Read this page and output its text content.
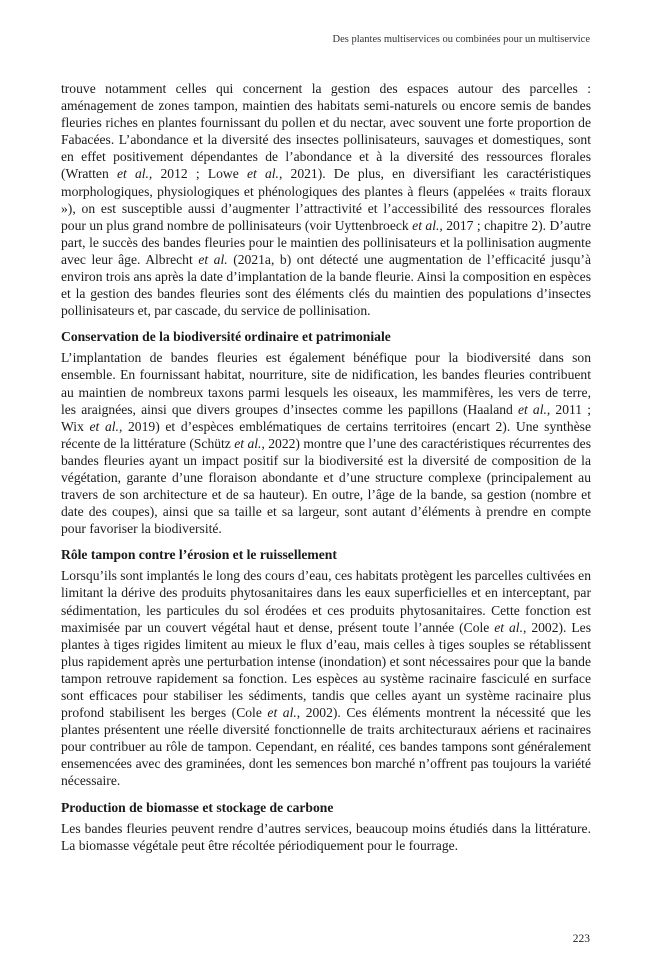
Des plantes multiservices ou combinées pour un multiservice

trouve notamment celles qui concernent la gestion des espaces autour des parcelles : aménagement de zones tampon, maintien des habitats semi-naturels ou encore semis de bandes fleuries riches en plantes fournissant du pollen et du nectar, avec souvent une forte proportion de Fabacées. L’abondance et la diversité des insectes pollinisateurs, sauvages et domestiques, sont en effet positivement dépendantes de l’abondance et à la diversité des ressources florales (Wratten et al., 2012 ; Lowe et al., 2021). De plus, en diversifiant les caractéristiques morphologiques, physiologiques et phénologiques des plantes à fleurs (appelées « traits floraux »), on est susceptible aussi d’augmenter l’attractivité et l’accessibilité des ressources florales pour un plus grand nombre de pollinisateurs (voir Uyttenbroeck et al., 2017 ; chapitre 2). D’autre part, le succès des bandes fleuries pour le maintien des pollinisateurs et la pollinisation augmente avec leur âge. Albrecht et al. (2021a, b) ont détecté une augmentation de l’efficacité jusqu’à environ trois ans après la date d’implantation de la bande fleurie. Ainsi la composition en espèces et la gestion des bandes fleuries sont des éléments clés du maintien des populations d’insectes pollinisateurs et, par cascade, du service de pollinisation.

Conservation de la biodiversité ordinaire et patrimoniale

L’implantation de bandes fleuries est également bénéfique pour la biodiversité dans son ensemble. En fournissant habitat, nourriture, site de nidification, les bandes fleuries contribuent au maintien de nombreux taxons parmi lesquels les oiseaux, les mammifères, les vers de terre, les araignées, ainsi que divers groupes d’insectes comme les papillons (Haaland et al., 2011 ; Wix et al., 2019) et d’espèces emblématiques de certains territoires (encart 2). Une synthèse récente de la littérature (Schütz et al., 2022) montre que l’une des caractéristiques récurrentes des bandes fleuries ayant un impact positif sur la biodiversité est la diversité de composition de la végétation, garante d’une floraison abondante et d’une structure complexe (principalement au travers de son architecture et de sa hauteur). En outre, l’âge de la bande, sa gestion (nombre et date des coupes), ainsi que sa taille et sa largeur, sont autant d’éléments à prendre en compte pour favoriser la biodiversité.

Rôle tampon contre l’érosion et le ruissellement

Lorsqu’ils sont implantés le long des cours d’eau, ces habitats protègent les parcelles cultivées en limitant la dérive des produits phytosanitaires dans les eaux superficielles et en interceptant, par sédimentation, les particules du sol érodées et ces produits phytosanitaires. Cette fonction est maximisée par un couvert végétal haut et dense, présent toute l’année (Cole et al., 2002). Les plantes à tiges rigides limitent au mieux le flux d’eau, mais celles à tiges souples se rétablissent plus rapidement après une perturbation intense (inondation) et sont nécessaires pour que la bande tampon retrouve rapidement sa fonction. Les espèces au système racinaire fasciculé en surface sont efficaces pour stabiliser les sédiments, tandis que celles ayant un système racinaire plus profond stabilisent les berges (Cole et al., 2002). Ces éléments montrent la nécessité que les plantes présentent une réelle diversité fonctionnelle de traits architecturaux aériens et racinaires pour contribuer au rôle de tampon. Cependant, en réalité, ces bandes tampons sont généralement ensemencées avec des graminées, dont les semences bon marché n’offrent pas toujours la variété nécessaire.

Production de biomasse et stockage de carbone

Les bandes fleuries peuvent rendre d’autres services, beaucoup moins étudiés dans la littérature. La biomasse végétale peut être récoltée périodiquement pour le fourrage.

223
